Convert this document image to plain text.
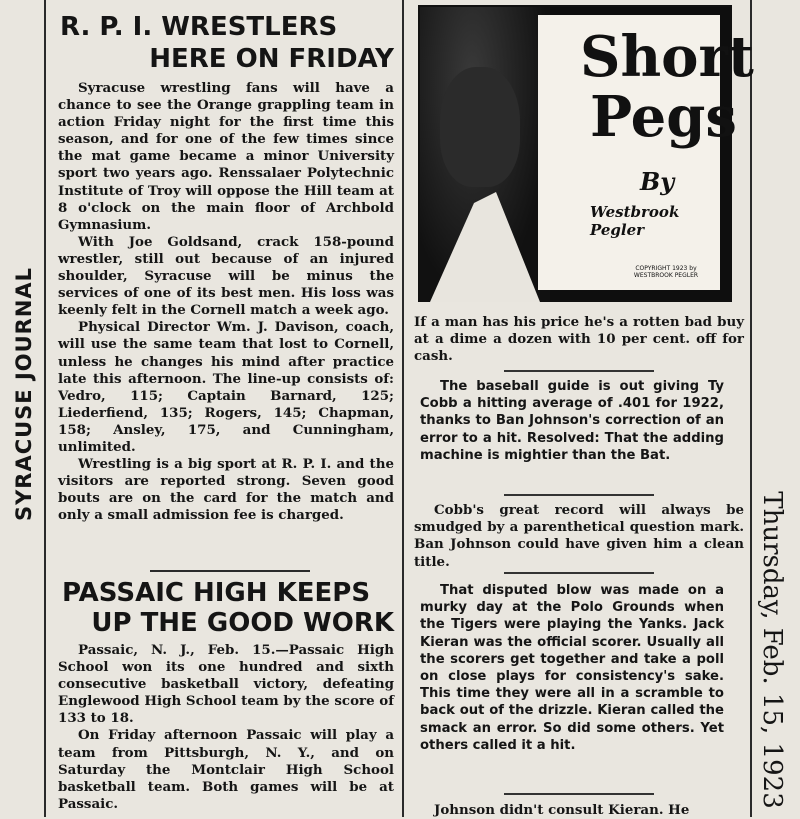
SYRACUSE JOURNAL
Thursday, Feb. 15, 1923
R. P. I. WRESTLERS
HERE ON FRIDAY

Syracuse wrestling fans will have a chance to see the Orange grappling team in action Friday night for the first time this season, and for one of the few times since the mat game became a minor University sport two years ago. Renssalaer Polytechnic Institute of Troy will oppose the Hill team at 8 o'clock on the main floor of Archbold Gymnasium.

With Joe Goldsand, crack 158-pound wrestler, still out because of an injured shoulder, Syracuse will be minus the services of one of its best men. His loss was keenly felt in the Cornell match a week ago.

Physical Director Wm. J. Davison, coach, will use the same team that lost to Cornell, unless he changes his mind after practice late this afternoon. The line-up consists of: Vedro, 115; Captain Barnard, 125; Liederfiend, 135; Rogers, 145; Chapman, 158; Ansley, 175, and Cunningham, unlimited.

Wrestling is a big sport at R. P. I. and the visitors are reported strong. Seven good bouts are on the card for the match and only a small admission fee is charged.

PASSAIC HIGH KEEPS
UP THE GOOD WORK

Passaic, N. J., Feb. 15.—Passaic High School won its one hundred and sixth consecutive basketball victory, defeating Englewood High School team by the score of 133 to 18.

On Friday afternoon Passaic will play a team from Pittsburgh, N. Y., and on Saturday the Montclair High School basketball team. Both games will be at Passaic.

Short
Pegs
By
Westbrook Pegler
COPYRIGHT 1923 by WESTBROOK PEGLER
If a man has his price he's a rotten bad buy at a dime a dozen with 10 per cent. off for cash.
The baseball guide is out giving Ty Cobb a hitting average of .401 for 1922, thanks to Ban Johnson's correction of an error to a hit. Resolved: That the adding machine is mightier than the Bat.
Cobb's great record will always be smudged by a parenthetical question mark. Ban Johnson could have given him a clean title.
That disputed blow was made on a murky day at the Polo Grounds when the Tigers were playing the Yanks. Jack Kieran was the official scorer. Usually all the scorers get together and take a poll on close plays for consistency's sake. This time they were all in a scramble to back out of the drizzle. Kieran called the smack an error. So did some others. Yet others called it a hit.
Johnson didn't consult Kieran. He
